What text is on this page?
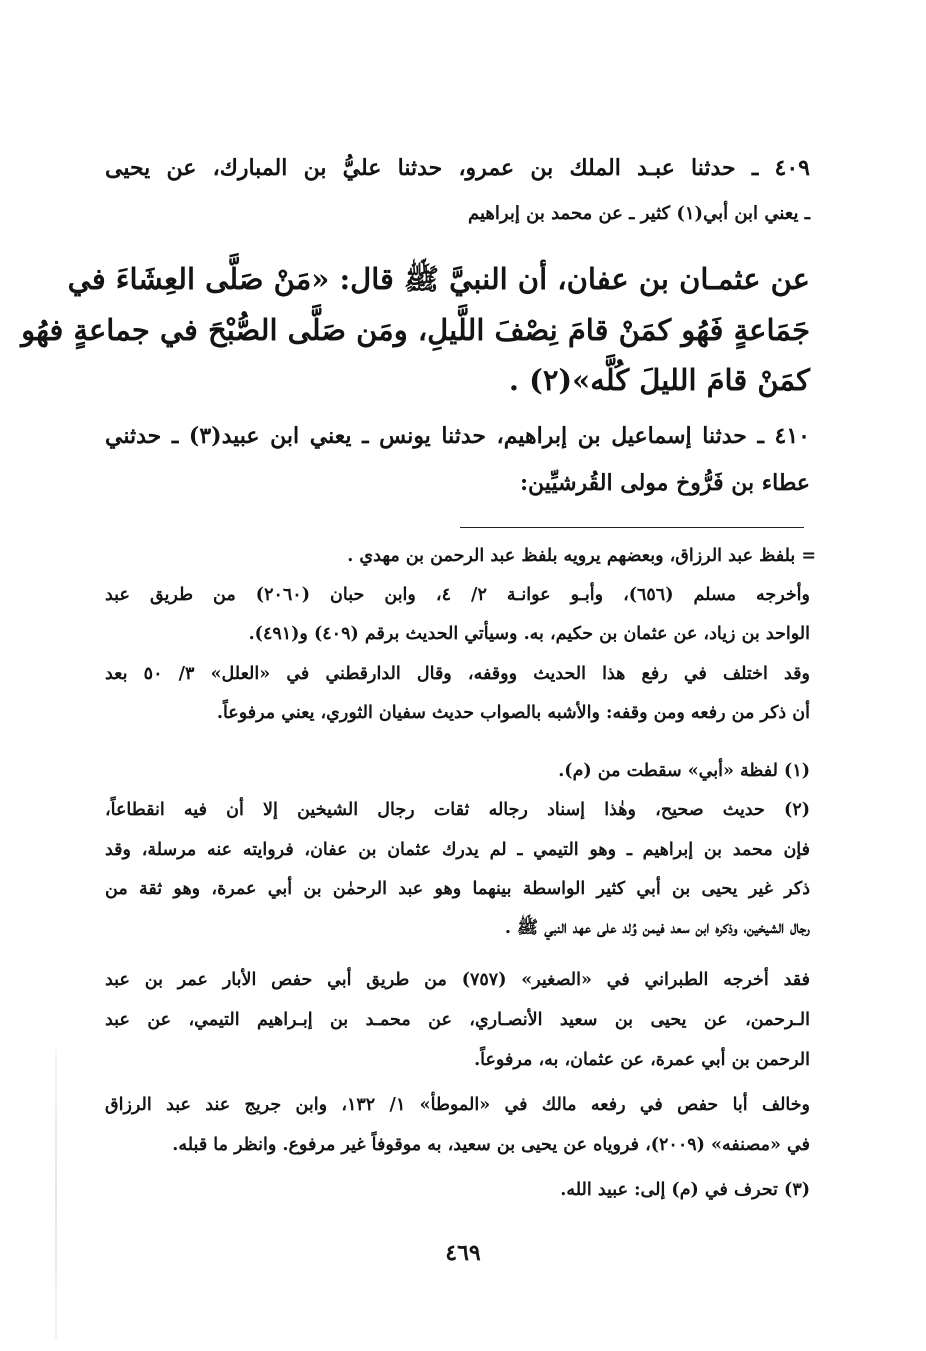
٤٠٩ ـ حدثنا عبـد الملك بن عمرو، حدثنا عليُّ بن المبارك، عن يحيى
ـ يعني ابن أبي(١) كثير ـ عن محمد بن إبراهيم
عن عثمـان بن عفان، أن النبيَّ ﷺ قال: «مَنْ صَلَّى العِشَاءَ في
جَمَاعةٍ فَهُو كمَنْ قامَ نِصْفَ اللَّيلِ، ومَن صَلَّى الصُّبْحَ في جماعةٍ فهُو
كمَنْ قامَ الليلَ كُلَّه»(٢) .
٤١٠ ـ حدثنا إسماعيل بن إبراهيم، حدثنا يونس ـ يعني ابن عبيد(٣) ـ حدثني
عطاء بن فَرُّوخ مولى القُرشيِّين:
= بلفظ عبد الرزاق، وبعضهم يرويه بلفظ عبد الرحمن بن مهدي .
وأخرجه مسلم (٦٥٦)، وأبـو عوانـة ٢/ ٤، وابن حبان (٢٠٦٠) من طريق عبد
الواحد بن زياد، عن عثمان بن حكيم، به. وسيأتي الحديث برقم (٤٠٩) و(٤٩١).
وقد اختلف في رفع هذا الحديث ووقفه، وقال الدارقطني في «العلل» ٣/ ٥٠ بعد
أن ذكر من رفعه ومن وقفه: والأشبه بالصواب حديث سفيان الثوري، يعني مرفوعاً.
(١) لفظة «أبي» سقطت من (م).
(٢) حديث صحيح، وهٰذا إسناد رجاله ثقات رجال الشيخين إلا أن فيه انقطاعاً،
فإن محمد بن إبراهيم ـ وهو التيمي ـ لم يدرك عثمان بن عفان، فروايته عنه مرسلة، وقد
ذكر غير يحيى بن أبي كثير الواسطة بينهما وهو عبد الرحمٰن بن أبي عمرة، وهو ثقة من
رجال الشيخين، وذكره ابن سعد فيمن وُلد على عهد النبي ﷺ .
فقد أخرجه الطبراني في «الصغير» (٧٥٧) من طريق أبي حفص الأبار عمر بن عبد
الـرحمن، عن يحيى بن سعيد الأنصـاري، عن محمـد بن إبـراهيم التيمي، عن عبد
الرحمن بن أبي عمرة، عن عثمان، به، مرفوعاً.
وخالف أبا حفص في رفعه مالك في «الموطأ» ١/ ١٣٢، وابن جريج عند عبد الرزاق
في «مصنفه» (٢٠٠٩)، فروياه عن يحيى بن سعيد، به موقوفاً غير مرفوع. وانظر ما قبله.
(٣) تحرف في (م) إلى: عبيد الله.
٤٦٩
